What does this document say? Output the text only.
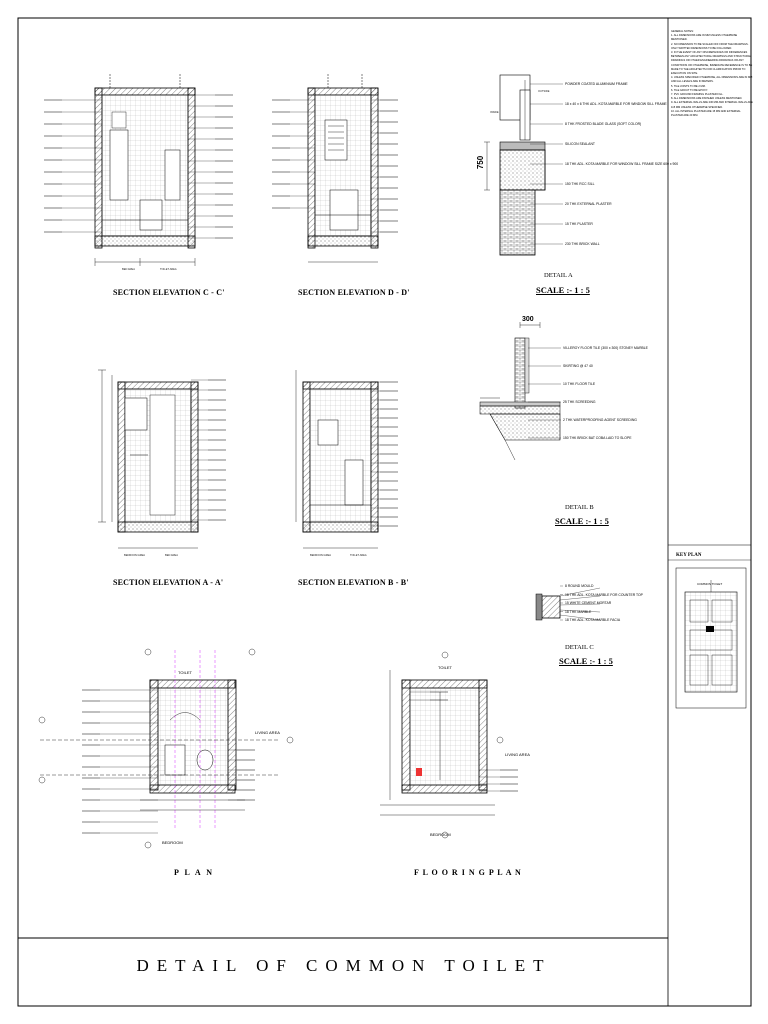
BED AREA	TOILET AREA
INSIDE
OUTSIDE
BEDROOM AREA	BED AREA	BEDROOM AREA	TOILET AREA
SECTION ELEVATION C - C'	SECTION ELEVATION D - D'
SECTION ELEVATION A - A'	SECTION ELEVATION B - B'
P L A N	F L O O R I N G P L A N
DETAIL A
SCALE :- 1 : 5
DETAIL B
SCALE :- 1 : 5
DETAIL C
SCALE :- 1 : 5
750
300
POWDER COATED ALUMINIUM FRAME
18 x 40 x 6 THK ADL. KOTA MARBLE FOR WINDOW SILL FRAME
8 THK FROSTED BLADE GLASS (SOFT COLOR)
SILICON SEALANT
18 THK ADL. KOTA MARBLE FOR WINDOW SILL FRAME SIZE 600 x 900
150 THK RCC SILL
20 THK EXTERNAL PLASTER
15 THK PLASTER
230 THK BRICK WALL
VILLEROY FLOOR TILE (300 x 300) STONEY MARBLE
SKIRTING @ 47 40
10 THK FLOOR TILE
25 THK SCREEDING
2 THK WATERPROOFING AGENT SCREEDING
150 THK BRICK BAT COBA LAID TO SLOPE
8 ROUND MOULD
18 THK ADL. KOTA MARBLE FOR COUNTER TOP
15 WHITE CEMENT MORTAR
18 THK MARBLE
18 THK ADL. KOTA MARBLE FACIA
TOILET
LIVING AREA
BEDROOM
TOILET
LIVING AREA
BEDROOM
KEY PLAN
COMMON TOILET
GENERAL NOTES:
1. ALL DIMENSIONS ARE IN MM UNLESS OTHERWISE MENTIONED.
2. NO DIMENSION TO BE SCALED OFF FROM THE DRAWINGS. ONLY WRITTEN DIMENSIONS TO BE FOLLOWED.
3. IN THE EVENT OF ANY DISCREPANCIES OR DIFFERENCES BETWEEN ANY ARCHITECTURAL DRAWINGS AND STRUCTURAL DRAWINGS OR OTHER ENGINEERING DRAWINGS OR ANY CONDITIONS OR OTHERWISE, IMMEDIATE REFERENCE IS TO BE MADE TO THE ARCHITECTS FOR CLARIFICATION PRIOR TO EXECUTION ON SITE.
4. UNLESS SPECIFIED OTHERWISE, ALL DIMENSIONS ARE IN MM AND ALL LEVELS ARE IN METERS.
5. TILE JOINTS TO BE 2 MM.
6. TILE GROUT TO BE EPOXY.
7. PVC GROUND FRAMING PLASTER FILL.
8. ALL DIMENSIONS ARE FINISHED UNLESS MENTIONED.
9. ALL EXTERNAL WALLS ARE 230 MM AND INTERNAL WALLS ARE 115 MM UNLESS OTHERWISE SPECIFIED.
10. ALL INTERNAL PLASTER ARE 15 MM AND EXTERNAL PLASTER ARE 20 MM.
DETAIL OF COMMON TOILET
